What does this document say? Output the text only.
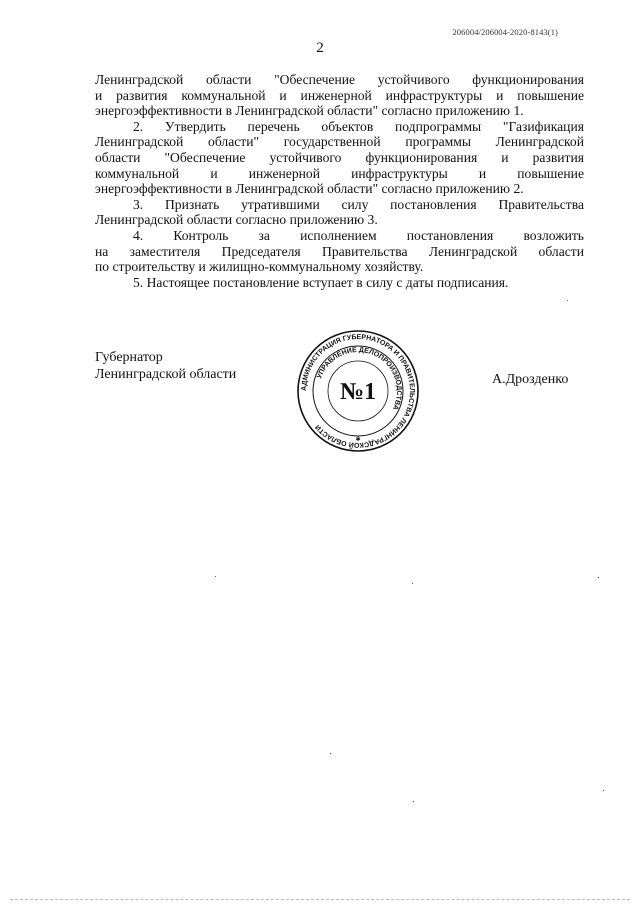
206004/206004-2020-8143(1)
2
Ленинградской области "Обеспечение устойчивого функционирования
и развития коммунальной и инженерной инфраструктуры и повышение
энергоэффективности в Ленинградской области" согласно приложению 1.
2. Утвердить перечень объектов подпрограммы "Газификация
Ленинградской области" государственной программы Ленинградской
области "Обеспечение устойчивого функционирования и развития
коммунальной и инженерной инфраструктуры и повышение
энергоэффективности в Ленинградской области" согласно приложению 2.
3. Признать утратившими силу постановления Правительства
Ленинградской области согласно приложению 3.
4. Контроль за исполнением постановления возложить
на заместителя Председателя Правительства Ленинградской области
по строительству и жилищно-коммунальному хозяйству.
5. Настоящее постановление вступает в силу с даты подписания.
Губернатор
Ленинградской области
АДМИНИСТРАЦИЯ ГУБЕРНАТОРА И ПРАВИТЕЛЬСТВА ЛЕНИНГРАДСКОЙ ОБЛАСТИ
УПРАВЛЕНИЕ ДЕЛОПРОИЗВОДСТВА
№1
✱
А.Дрозденко
